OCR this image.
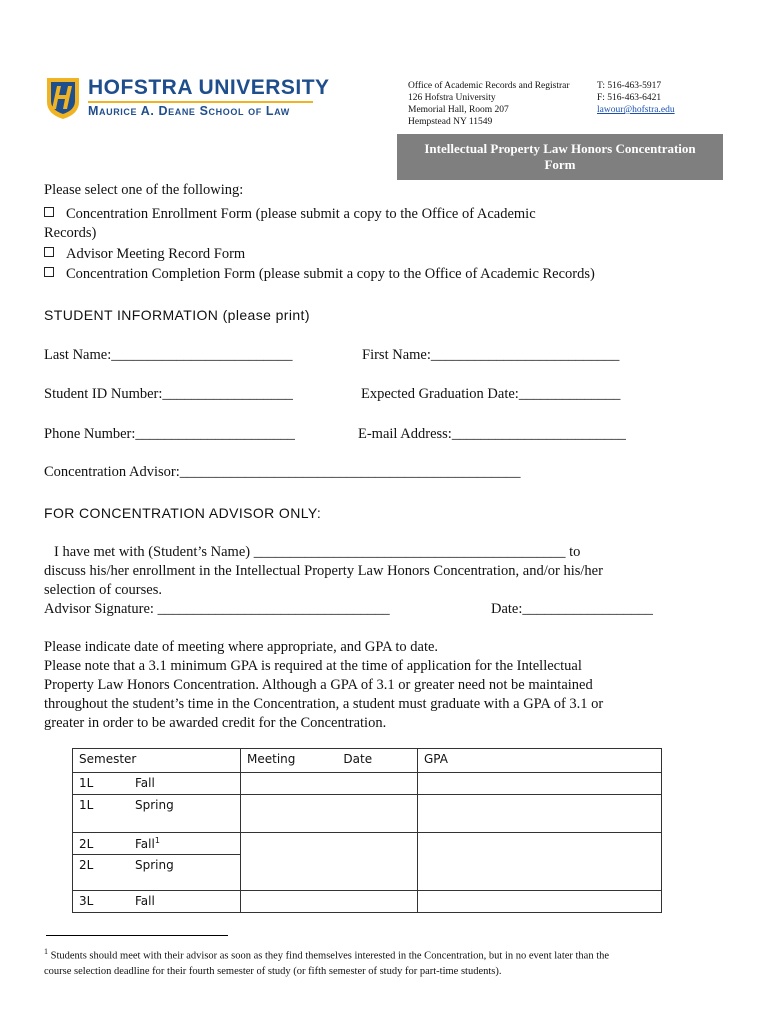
HOFSTRA UNIVERSITY
Maurice A. Deane School of Law
Office of Academic Records and Registrar
126 Hofstra University
Memorial Hall, Room 207
Hempstead NY 11549
T: 516-463-5917
F: 516-463-6421
lawour@hofstra.edu
Intellectual Property Law Honors Concentration
Form
Please select one of the following:
Concentration Enrollment Form (please submit a copy to the Office of Academic
Records)
Advisor Meeting Record Form
Concentration Completion Form (please submit a copy to the Office of Academic Records)
STUDENT INFORMATION (please print)
Last Name:_________________________	First Name:__________________________
Student ID Number:__________________	Expected Graduation Date:______________
Phone Number:______________________	E-mail Address:________________________
Concentration Advisor:_______________________________________________
FOR CONCENTRATION ADVISOR ONLY:
I have met with (Student’s Name) ___________________________________________ to
discuss his/her enrollment in the Intellectual Property Law Honors Concentration, and/or his/her
selection of courses.
Advisor Signature: ________________________________	Date:__________________
Please indicate date of meeting where appropriate, and GPA to date.
Please note that a 3.1 minimum GPA is required at the time of application for the Intellectual
Property Law Honors Concentration. Although a GPA of 3.1 or greater need not be maintained
throughout the student’s time in the Concentration, a student must graduate with a GPA of 3.1 or
greater in order to be awarded credit for the Concentration.
Semester	Meeting Date	GPA
1L Fall		
1L Spring		
2L Fall$^1$		
2L Spring		
3L Fall		
$^1$ Students should meet with their advisor as soon as they find themselves interested in the Concentration, but in no event later than the
course selection deadline for their fourth semester of study (or fifth semester of study for part-time students).
